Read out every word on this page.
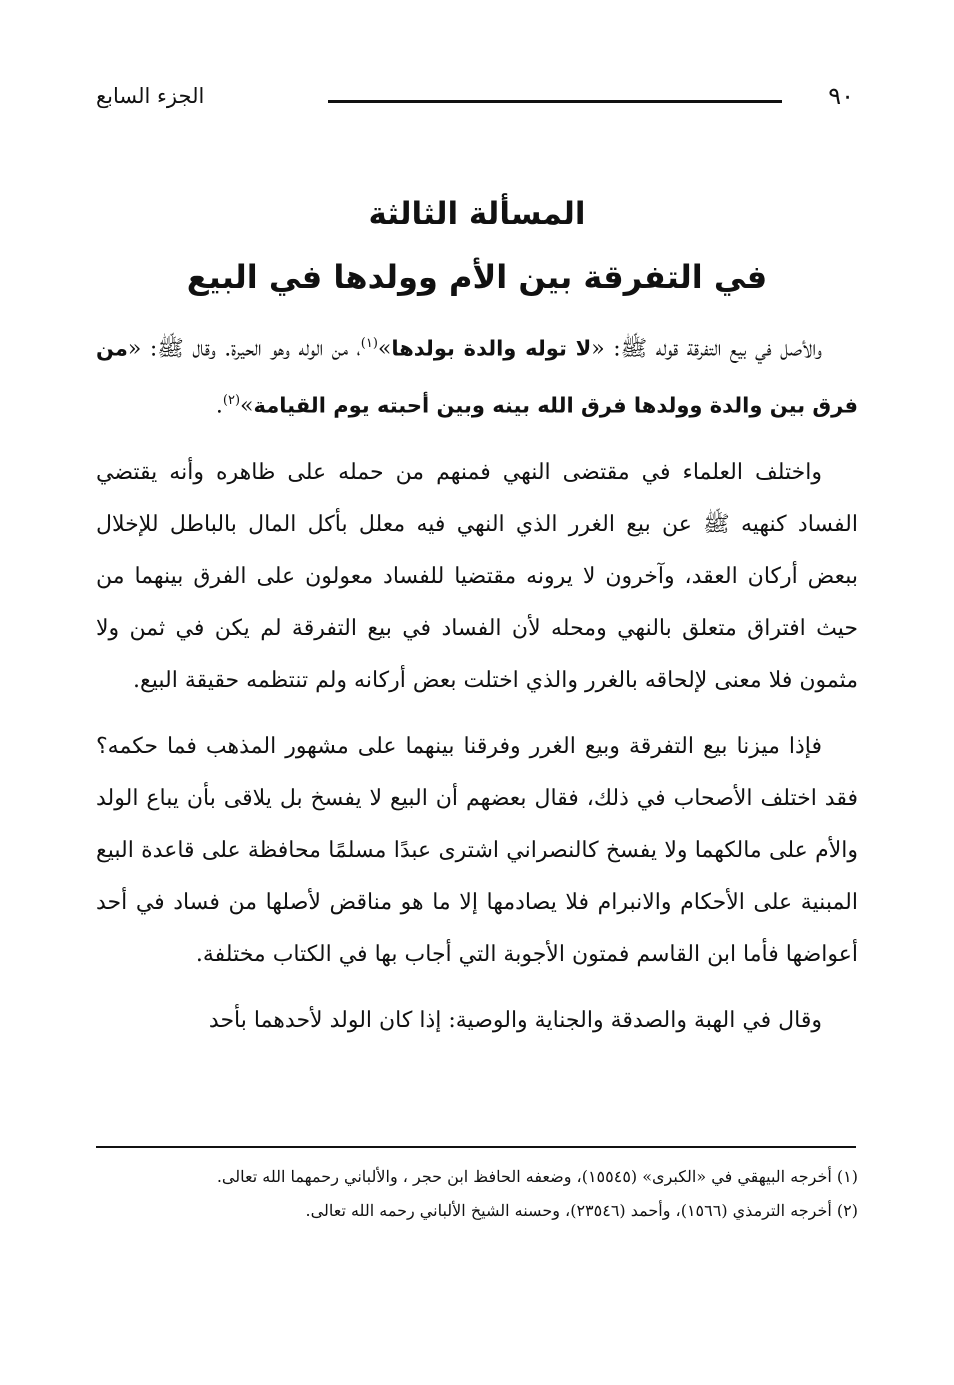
٩٠
الجزء السابع
المسألة الثالثة
في التفرقة بين الأم وولدها في البيع

والأصل في بيع التفرقة قوله ﷺ: «لا توله والدة بولدها»$^{(١)}$، من الوله وهو الحيرة. وقال ﷺ: «من فرق بين والدة وولدها فرق الله بينه وبين أحبته يوم القيامة»$^{(٢)}$.

واختلف العلماء في مقتضى النهي فمنهم من حمله على ظاهره وأنه يقتضي الفساد كنهيه ﷺ عن بيع الغرر الذي النهي فيه معلل بأكل المال بالباطل للإخلال ببعض أركان العقد، وآخرون لا يرونه مقتضيا للفساد معولون على الفرق بينهما من حيث افتراق متعلق بالنهي ومحله لأن الفساد في بيع التفرقة لم يكن في ثمن ولا مثمون فلا معنى لإلحاقه بالغرر والذي اختلت بعض أركانه ولم تنتظمه حقيقة البيع.

فإذا ميزنا بيع التفرقة وبيع الغرر وفرقنا بينهما على مشهور المذهب فما حكمه؟ فقد اختلف الأصحاب في ذلك، فقال بعضهم أن البيع لا يفسخ بل يلاقى بأن يباع الولد والأم على مالكهما ولا يفسخ كالنصراني اشترى عبدًا مسلمًا محافظة على قاعدة البيع المبنية على الأحكام والانبرام فلا يصادمها إلا ما هو مناقض لأصلها من فساد في أحد أعواضها فأما ابن القاسم فمتون الأجوبة التي أجاب بها في الكتاب مختلفة.

وقال في الهبة والصدقة والجناية والوصية: إذا كان الولد لأحدهما بأحد

(١) أخرجه البيهقي في «الكبرى» (١٥٥٤٥)، وضعفه الحافظ ابن حجر ، والألباني رحمهما الله تعالى.
(٢) أخرجه الترمذي (١٥٦٦)، وأحمد (٢٣٥٤٦)، وحسنه الشيخ الألباني رحمه الله تعالى.
